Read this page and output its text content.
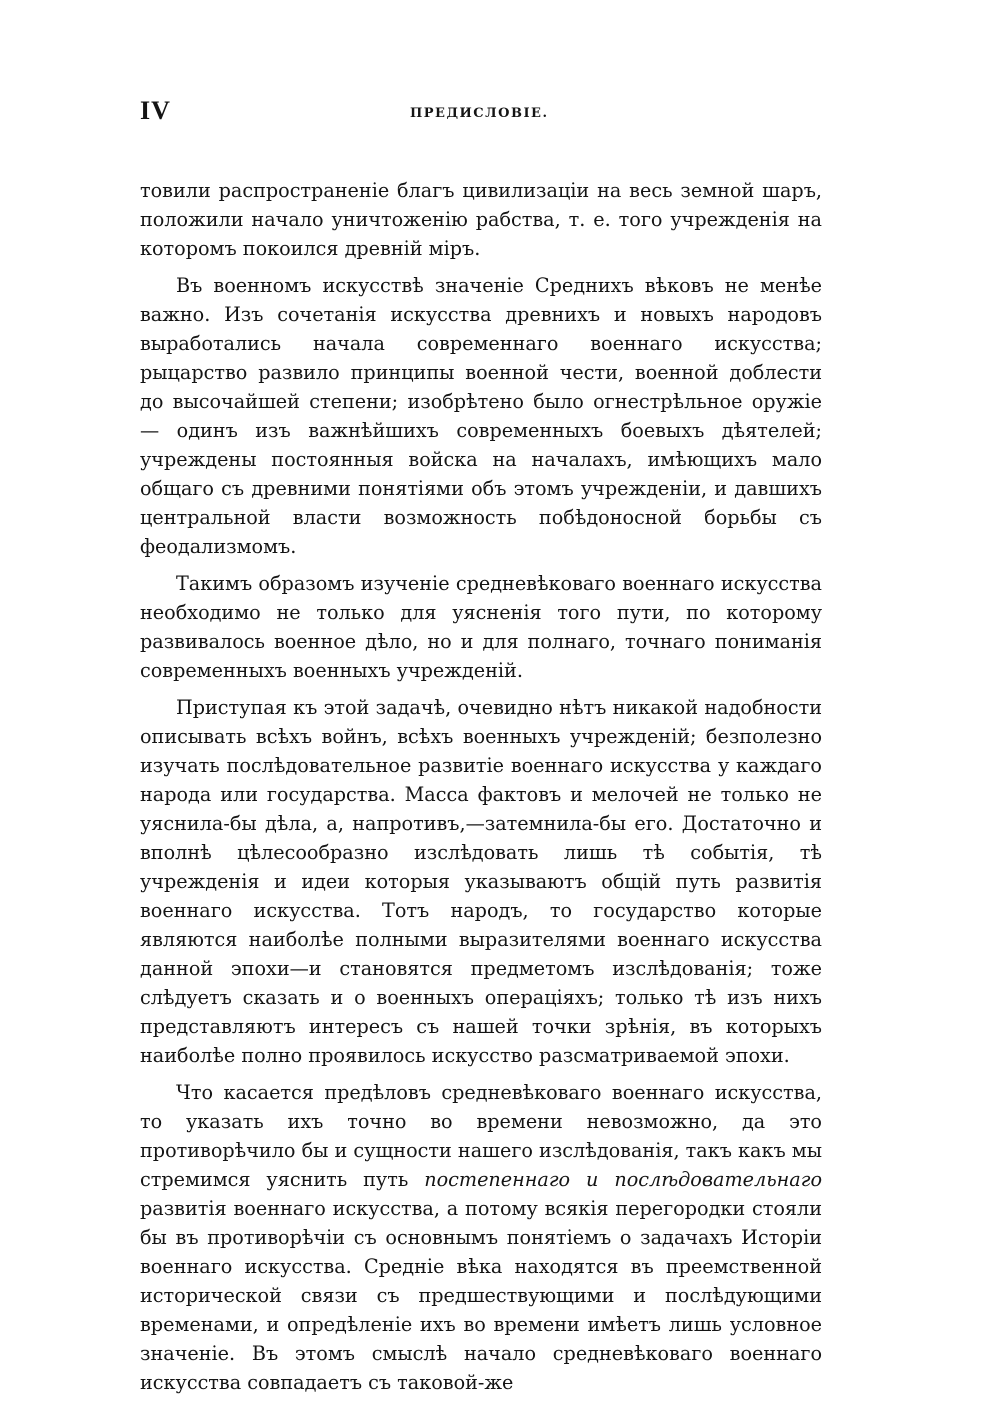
IV	ПРЕДИСЛОВІЕ.

товили распространеніе благъ цивилизаціи на весь земной шаръ, положили начало уничтоженію рабства, т. е. того учрежденія на которомъ покоился древній міръ.

Въ военномъ искусствѣ значеніе Среднихъ вѣковъ не менѣе важно. Изъ сочетанія искусства древнихъ и новыхъ народовъ выработались начала современнаго военнаго искусства; рыцарство развило принципы военной чести, военной доблести до высочайшей степени; изобрѣтено было огнестрѣльное оружіе — одинъ изъ важнѣйшихъ современныхъ боевыхъ дѣятелей; учреждены постоянныя войска на началахъ, имѣющихъ мало общаго съ древними понятіями объ этомъ учрежденіи, и давшихъ центральной власти возможность побѣдоносной борьбы съ феодализмомъ.

Такимъ образомъ изученіе средневѣковаго военнаго искусства необходимо не только для уясненія того пути, по которому развивалось военное дѣло, но и для полнаго, точнаго пониманія современныхъ военныхъ учрежденій.

Приступая къ этой задачѣ, очевидно нѣтъ никакой надобности описывать всѣхъ войнъ, всѣхъ военныхъ учрежденій; безполезно изучать послѣдовательное развитіе военнаго искусства у каждаго народа или государства. Масса фактовъ и мелочей не только не уяснила-бы дѣла, а, напротивъ,—затемнила-бы его. Достаточно и вполнѣ цѣлесообразно изслѣдовать лишь тѣ событія, тѣ учрежденія и идеи которыя указываютъ общій путь развитія военнаго искусства. Тотъ народъ, то государство которые являются наиболѣе полными выразителями военнаго искусства данной эпохи—и становятся предметомъ изслѣдованія; тоже слѣдуетъ сказать и о военныхъ операціяхъ; только тѣ изъ нихъ представляютъ интересъ съ нашей точки зрѣнія, въ которыхъ наиболѣе полно проявилось искусство разсматриваемой эпохи.

Что касается предѣловъ средневѣковаго военнаго искусства, то указать ихъ точно во времени невозможно, да это противорѣчило бы и сущности нашего изслѣдованія, такъ какъ мы стремимся уяснить путь постепеннаго и послѣдовательнаго развитія военнаго искусства, а потому всякія перегородки стояли бы въ противорѣчіи съ основнымъ понятіемъ о задачахъ Исторіи военнаго искусства. Средніе вѣка находятся въ преемственной исторической связи съ предшествующими и послѣдующими временами, и опредѣленіе ихъ во времени имѣетъ лишь условное значеніе. Въ этомъ смыслѣ начало средневѣковаго военнаго искусства совпадаетъ съ таковой-же
